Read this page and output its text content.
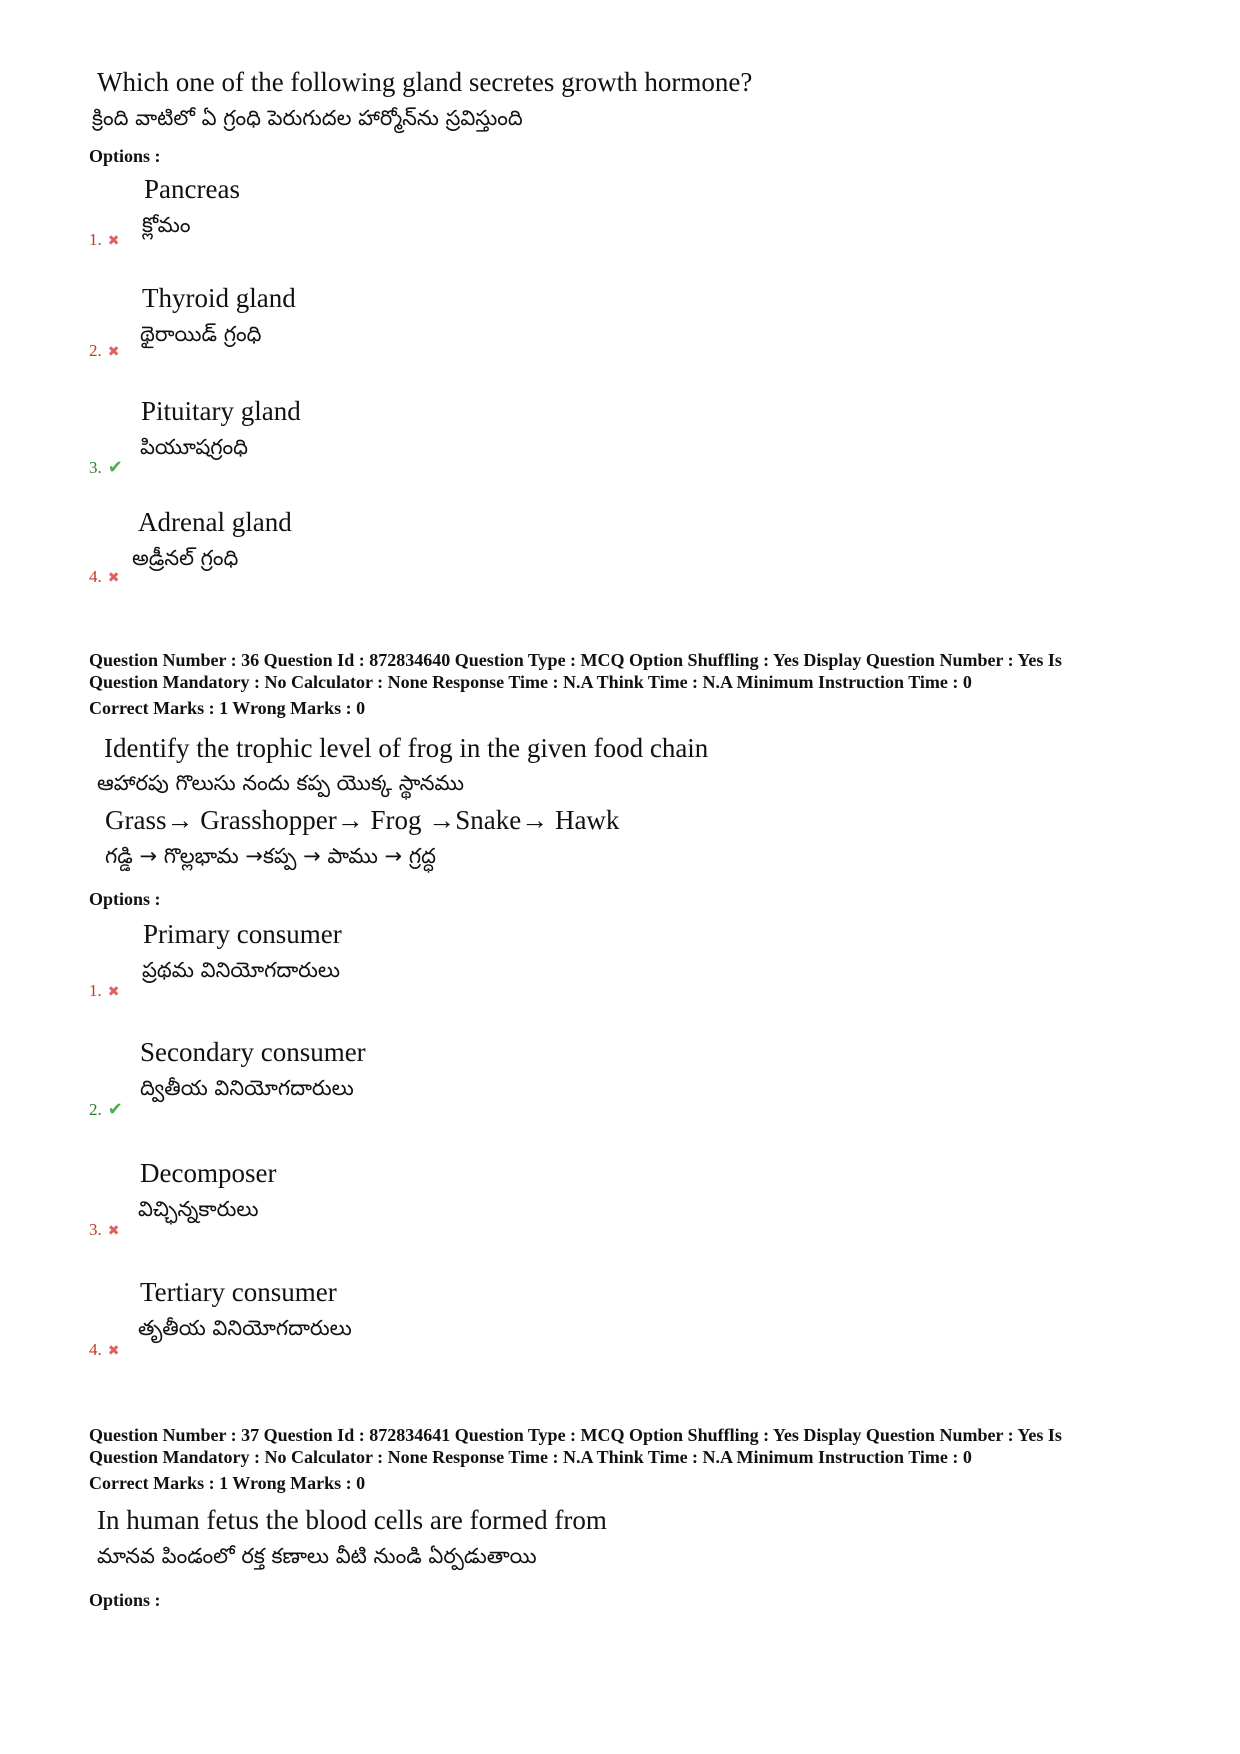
Which one of the following gland secretes growth hormone?
క్రింది వాటిలో ఏ గ్రంధి పెరుగుదల హార్మోన్‌ను స్రవిస్తుంది
Options :
Pancreas
క్లోమం
1. ✖
Thyroid gland
థైరాయిడ్ గ్రంధి
2. ✖
Pituitary gland
పియూషగ్రంధి
3. ✔
Adrenal gland
అడ్రీనల్ గ్రంధి
4. ✖
Question Number : 36 Question Id : 872834640 Question Type : MCQ Option Shuffling : Yes Display Question Number : Yes Is
Question Mandatory : No Calculator : None Response Time : N.A Think Time : N.A Minimum Instruction Time : 0
Correct Marks : 1 Wrong Marks : 0
Identify the trophic level of frog in the given food chain
ఆహారపు గొలుసు నందు కప్ప యొక్క స్థానము
Grass→ Grasshopper→ Frog →Snake→ Hawk
గడ్డి → గొల్లభామ →కప్ప → పాము → గ్రద్ధ
Options :
Primary consumer
ప్రథమ వినియోగదారులు
1. ✖
Secondary consumer
ద్వితీయ వినియోగదారులు
2. ✔
Decomposer
విచ్ఛిన్నకారులు
3. ✖
Tertiary consumer
తృతీయ వినియోగదారులు
4. ✖
Question Number : 37 Question Id : 872834641 Question Type : MCQ Option Shuffling : Yes Display Question Number : Yes Is
Question Mandatory : No Calculator : None Response Time : N.A Think Time : N.A Minimum Instruction Time : 0
Correct Marks : 1 Wrong Marks : 0
In human fetus the blood cells are formed from
మానవ పిండంలో రక్త కణాలు వీటి నుండి ఏర్పడుతాయి
Options :
